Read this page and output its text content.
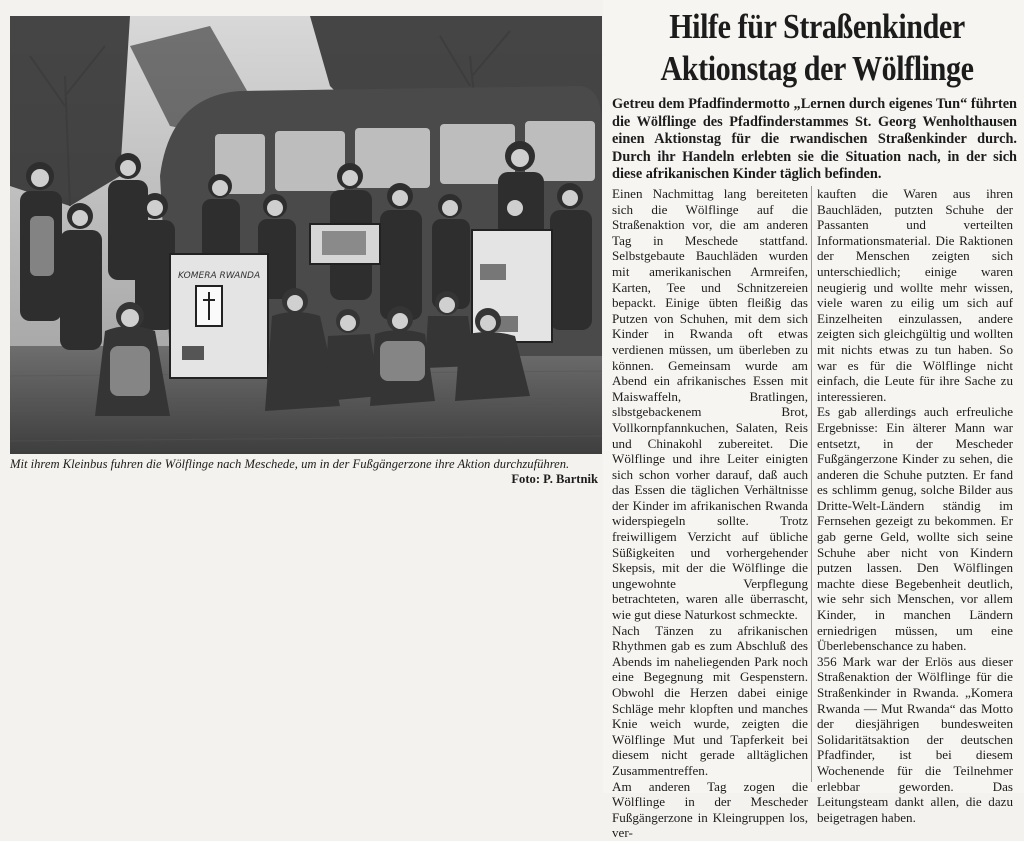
KOMERA RWANDA
Mit ihrem Kleinbus fuhren die Wölflinge nach Meschede, um in der Fußgängerzone ihre Aktion durchzuführen.
Foto: P. Bartnik
Hilfe für Straßenkinder
Aktionstag der Wölflinge
Getreu dem Pfadfindermotto „Lernen durch eigenes Tun“ führten die Wölflinge des Pfadfinderstammes St. Georg Wenholthausen einen Aktionstag für die rwandischen Straßenkinder durch. Durch ihr Handeln erlebten sie die Situation nach, in der sich diese afrikanischen Kinder täglich befinden.

Einen Nachmittag lang bereiteten sich die Wölflinge auf die Straßenaktion vor, die am anderen Tag in Meschede stattfand. Selbstgebaute Bauchläden wurden mit amerikanischen Armreifen, Karten, Tee und Schnitzereien bepackt. Einige übten fleißig das Putzen von Schuhen, mit dem sich Kinder in Rwanda oft etwas verdienen müssen, um überleben zu können. Gemeinsam wurde am Abend ein afrikanisches Essen mit Maiswaffeln, Bratlingen, slbstgebackenem Brot, Vollkornpfannkuchen, Salaten, Reis und Chinakohl zubereitet. Die Wölflinge und ihre Leiter einigten sich schon vorher darauf, daß auch das Essen die täglichen Verhältnisse der Kinder im afrikanischen Rwanda widerspiegeln sollte. Trotz freiwilligem Verzicht auf übliche Süßigkeiten und vorhergehender Skepsis, mit der die Wölflinge die ungewohnte Verpflegung betrachteten, waren alle überrascht, wie gut diese Naturkost schmeckte.

Nach Tänzen zu afrikanischen Rhythmen gab es zum Abschluß des Abends im naheliegenden Park noch eine Begegnung mit Gespenstern. Obwohl die Herzen dabei einige Schläge mehr klopften und manches Knie weich wurde, zeigten die Wölflinge Mut und Tapferkeit bei diesem nicht gerade alltäglichen Zusammentreffen.

Am anderen Tag zogen die Wölflinge in der Mescheder Fußgängerzone in Kleingruppen los, ver-

kauften die Waren aus ihren Bauchläden, putzten Schuhe der Passanten und verteilten Informationsmaterial. Die Raktionen der Menschen zeigten sich unterschiedlich; einige waren neugierig und wollte mehr wissen, viele waren zu eilig um sich auf Einzelheiten einzulassen, andere zeigten sich gleichgültig und wollten mit nichts etwas zu tun haben. So war es für die Wölflinge nicht einfach, die Leute für ihre Sache zu interessieren.

Es gab allerdings auch erfreuliche Ergebnisse: Ein älterer Mann war entsetzt, in der Mescheder Fußgängerzone Kinder zu sehen, die anderen die Schuhe putzten. Er fand es schlimm genug, solche Bilder aus Dritte-Welt-Ländern ständig im Fernsehen gezeigt zu bekommen. Er gab gerne Geld, wollte sich seine Schuhe aber nicht von Kindern putzen lassen. Den Wölflingen machte diese Begebenheit deutlich, wie sehr sich Menschen, vor allem Kinder, in manchen Ländern erniedrigen müssen, um eine Überlebenschance zu haben.

356 Mark war der Erlös aus dieser Straßenaktion der Wölflinge für die Straßenkinder in Rwanda. „Komera Rwanda — Mut Rwanda“ das Motto der diesjährigen bundesweiten Solidaritätsaktion der deutschen Pfadfinder, ist bei diesem Wochenende für die Teilnehmer erlebbar geworden. Das Leitungsteam dankt allen, die dazu beigetragen haben.
